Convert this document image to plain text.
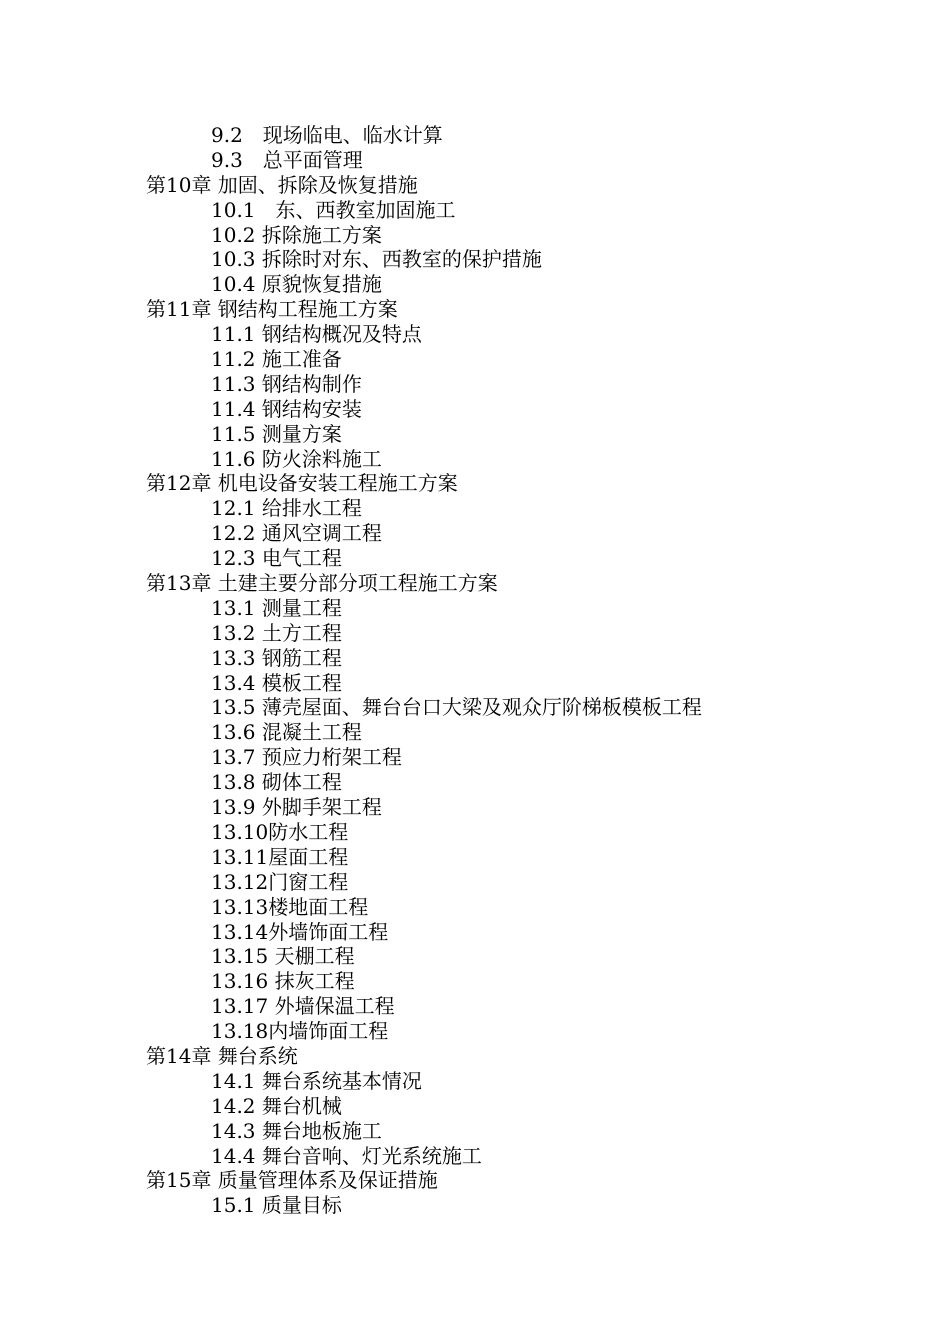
9.2　现场临电、临水计算
9.3　总平面管理
第10章 加固、拆除及恢复措施
10.1　东、西教室加固施工
10.2 拆除施工方案
10.3 拆除时对东、西教室的保护措施
10.4 原貌恢复措施
第11章 钢结构工程施工方案
11.1 钢结构概况及特点
11.2 施工准备
11.3 钢结构制作
11.4 钢结构安装
11.5 测量方案
11.6 防火涂料施工
第12章 机电设备安装工程施工方案
12.1 给排水工程
12.2 通风空调工程
12.3 电气工程
第13章 土建主要分部分项工程施工方案
13.1 测量工程
13.2 土方工程
13.3 钢筋工程
13.4 模板工程
13.5 薄壳屋面、舞台台口大梁及观众厅阶梯板模板工程
13.6 混凝土工程
13.7 预应力桁架工程
13.8 砌体工程
13.9 外脚手架工程
13.10防水工程
13.11屋面工程
13.12门窗工程
13.13楼地面工程
13.14外墙饰面工程
13.15 天棚工程
13.16 抹灰工程
13.17 外墙保温工程
13.18内墙饰面工程
第14章 舞台系统
14.1 舞台系统基本情况
14.2 舞台机械
14.3 舞台地板施工
14.4 舞台音响、灯光系统施工
第15章 质量管理体系及保证措施
15.1 质量目标
